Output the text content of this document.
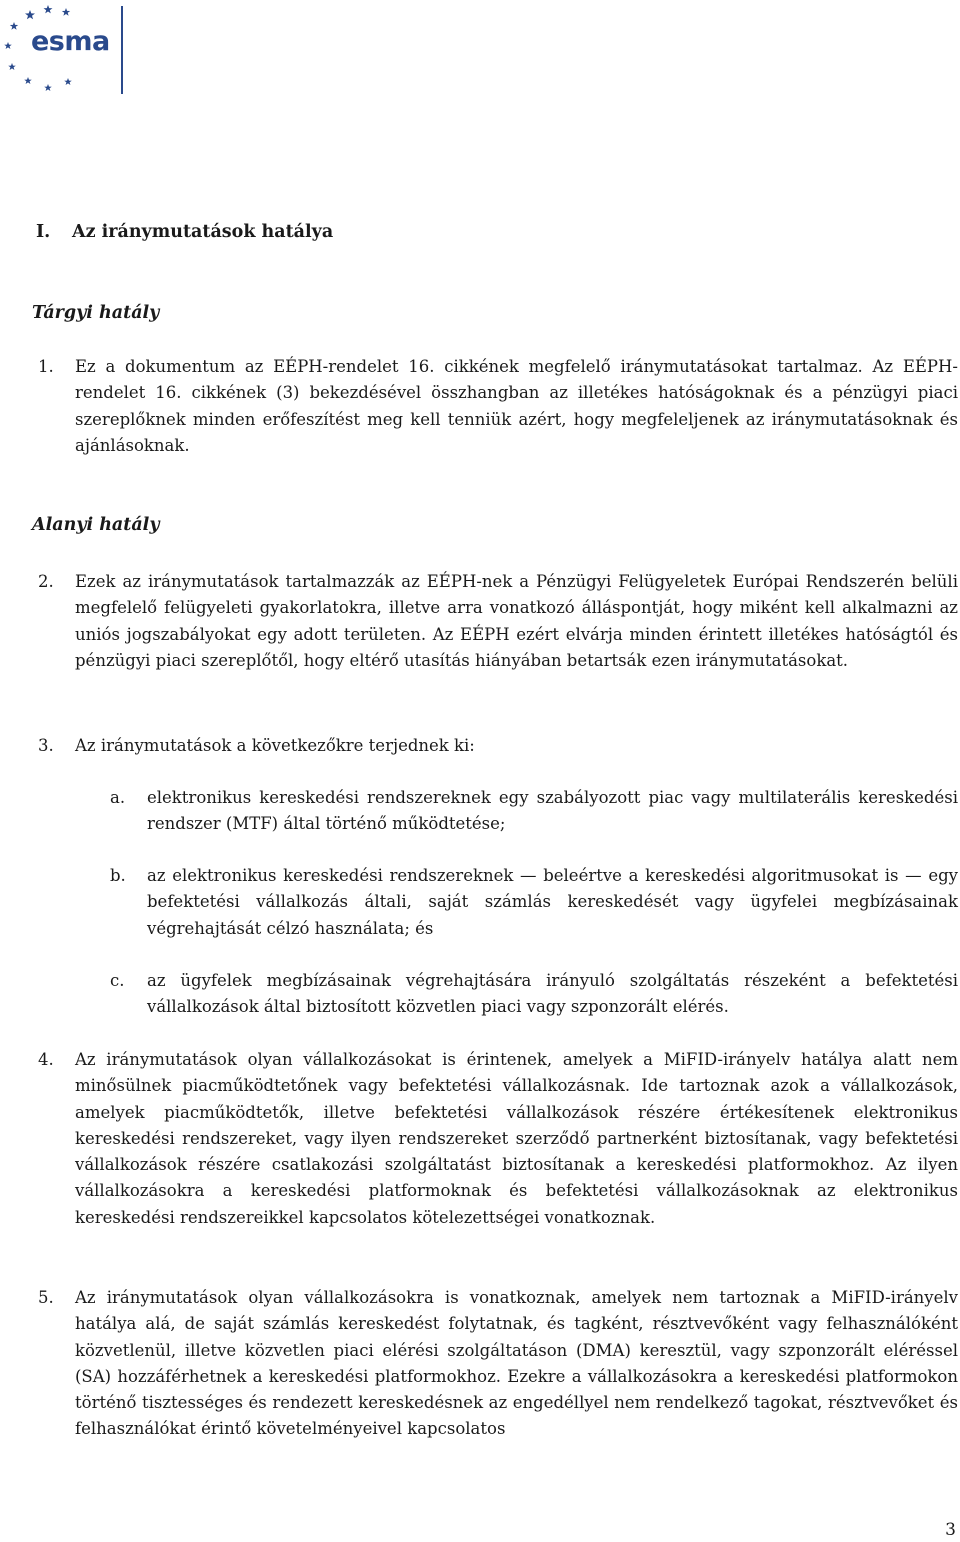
esma
I. Az iránymutatások hatálya
Tárgyi hatály
1. Ez a dokumentum az EÉPH-rendelet 16. cikkének megfelelő iránymutatásokat tartalmaz. Az EÉPH-rendelet 16. cikkének (3) bekezdésével összhangban az illetékes hatóságoknak és a pénzügyi piaci szereplőknek minden erőfeszítést meg kell tenniük azért, hogy megfeleljenek az iránymutatásoknak és ajánlásoknak.
Alanyi hatály
2. Ezek az iránymutatások tartalmazzák az EÉPH-nek a Pénzügyi Felügyeletek Európai Rendszerén belüli megfelelő felügyeleti gyakorlatokra, illetve arra vonatkozó álláspontját, hogy miként kell alkalmazni az uniós jogszabályokat egy adott területen. Az EÉPH ezért elvárja minden érintett illetékes hatóságtól és pénzügyi piaci szereplőtől, hogy eltérő utasítás hiányában betartsák ezen iránymutatásokat.
3. Az iránymutatások a következőkre terjednek ki:
a. elektronikus kereskedési rendszereknek egy szabályozott piac vagy multilaterális kereskedési rendszer (MTF) által történő működtetése;
b. az elektronikus kereskedési rendszereknek — beleértve a kereskedési algoritmusokat is — egy befektetési vállalkozás általi, saját számlás kereskedését vagy ügyfelei megbízásainak végrehajtását célzó használata; és
c. az ügyfelek megbízásainak végrehajtására irányuló szolgáltatás részeként a befektetési vállalkozások által biztosított közvetlen piaci vagy szponzorált elérés.
4. Az iránymutatások olyan vállalkozásokat is érintenek, amelyek a MiFID-irányelv hatálya alatt nem minősülnek piacműködtetőnek vagy befektetési vállalkozásnak. Ide tartoznak azok a vállalkozások, amelyek piacműködtetők, illetve befektetési vállalkozások részére értékesítenek elektronikus kereskedési rendszereket, vagy ilyen rendszereket szerződő partnerként biztosítanak, vagy befektetési vállalkozások részére csatlakozási szolgáltatást biztosítanak a kereskedési platformokhoz. Az ilyen vállalkozásokra a kereskedési platformoknak és befektetési vállalkozásoknak az elektronikus kereskedési rendszereikkel kapcsolatos kötelezettségei vonatkoznak.
5. Az iránymutatások olyan vállalkozásokra is vonatkoznak, amelyek nem tartoznak a MiFID-irányelv hatálya alá, de saját számlás kereskedést folytatnak, és tagként, résztvevőként vagy felhasználóként közvetlenül, illetve közvetlen piaci elérési szolgáltatáson (DMA) keresztül, vagy szponzorált eléréssel (SA) hozzáférhetnek a kereskedési platformokhoz. Ezekre a vállalkozásokra a kereskedési platformokon történő tisztességes és rendezett kereskedésnek az engedéllyel nem rendelkező tagokat, résztvevőket és felhasználókat érintő követelményeivel kapcsolatos
3
